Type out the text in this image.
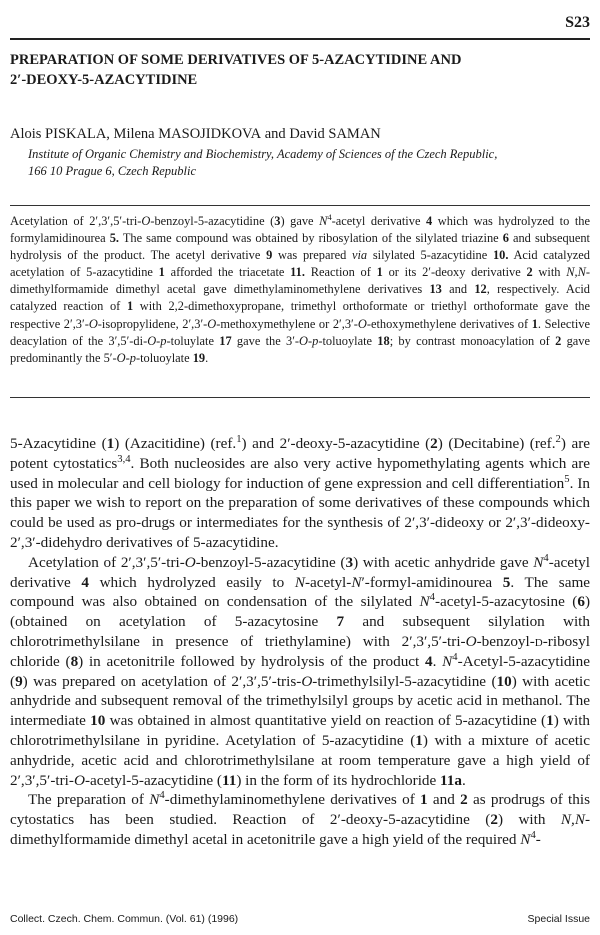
S23
PREPARATION OF SOME DERIVATIVES OF 5-AZACYTIDINE AND
2′-DEOXY-5-AZACYTIDINE
Alois PISKALA, Milena MASOJIDKOVA and David SAMAN
Institute of Organic Chemistry and Biochemistry, Academy of Sciences of the Czech Republic,
166 10 Prague 6, Czech Republic

Acetylation of 2′,3′,5′-tri-O-benzoyl-5-azacytidine (3) gave $N^4$-acetyl derivative 4 which was hydrolyzed to the formylamidinourea 5. The same compound was obtained by ribosylation of the silylated triazine 6 and subsequent hydrolysis of the product. The acetyl derivative 9 was prepared via silylated 5-azacytidine 10. Acid catalyzed acetylation of 5-azacytidine 1 afforded the triacetate 11. Reaction of 1 or its 2′-deoxy derivative 2 with N,N-dimethylformamide dimethyl acetal gave dimethylaminomethylene derivatives 13 and 12, respectively. Acid catalyzed reaction of 1 with 2,2-dimethoxypropane, trimethyl orthoformate or triethyl orthoformate gave the respective 2′,3′-O-isopropylidene, 2′,3′-O-methoxymethylene or 2′,3′-O-ethoxymethylene derivatives of 1. Selective deacylation of the 3′,5′-di-O-p-toluylate 17 gave the 3′-O-p-toluoylate 18; by contrast monoacylation of 2 gave predominantly the 5′-O-p-toluoylate 19.

5-Azacytidine (1) (Azacitidine) (ref.$^1$) and 2′-deoxy-5-azacytidine (2) (Decitabine) (ref.$^2$) are potent cytostatics$^{3,4}$. Both nucleosides are also very active hypomethylating agents which are used in molecular and cell biology for induction of gene expression and cell differentiation$^5$. In this paper we wish to report on the preparation of some derivatives of these compounds which could be used as pro-drugs or intermediates for the synthesis of 2′,3′-dideoxy or 2′,3′-dideoxy-2′,3′-didehydro derivatives of 5-azacytidine.

Acetylation of 2′,3′,5′-tri-O-benzoyl-5-azacytidine (3) with acetic anhydride gave $N^4$-acetyl derivative 4 which hydrolyzed easily to N-acetyl-N′-formyl-amidinourea 5. The same compound was also obtained on condensation of the silylated $N^4-acetyl-5$-azacytosine (6) (obtained on acetylation of 5-azacytosine 7 and subsequent silylation with chlorotrimethylsilane in presence of triethylamine) with 2′,3′,5′-tri-O-benzoyl-d-ribosyl chloride (8) in acetonitrile followed by hydrolysis of the product 4. $N^4-Acetyl-5$-azacytidine (9) was prepared on acetylation of 2′,3′,5′-tris-O-trimethylsilyl-5-azacytidine (10) with acetic anhydride and subsequent removal of the trimethylsilyl groups by acetic acid in methanol. The intermediate 10 was obtained in almost quantitative yield on reaction of 5-azacytidine (1) with chlorotrimethylsilane in pyridine. Acetylation of 5-azacytidine (1) with a mixture of acetic anhydride, acetic acid and chlorotrimethylsilane at room temperature gave a high yield of 2′,3′,5′-tri-O-acetyl-5-azacytidine (11) in the form of its hydrochloride 11a.

The preparation of $N^4$-dimethylaminomethylene derivatives of 1 and 2 as prodrugs of this cytostatics has been studied. Reaction of 2′-deoxy-5-azacytidine (2) with N,N-dimethylformamide dimethyl acetal in acetonitrile gave a high yield of the required $N^4-$

Collect. Czech. Chem. Commun. (Vol. 61) (1996)	Special Issue
